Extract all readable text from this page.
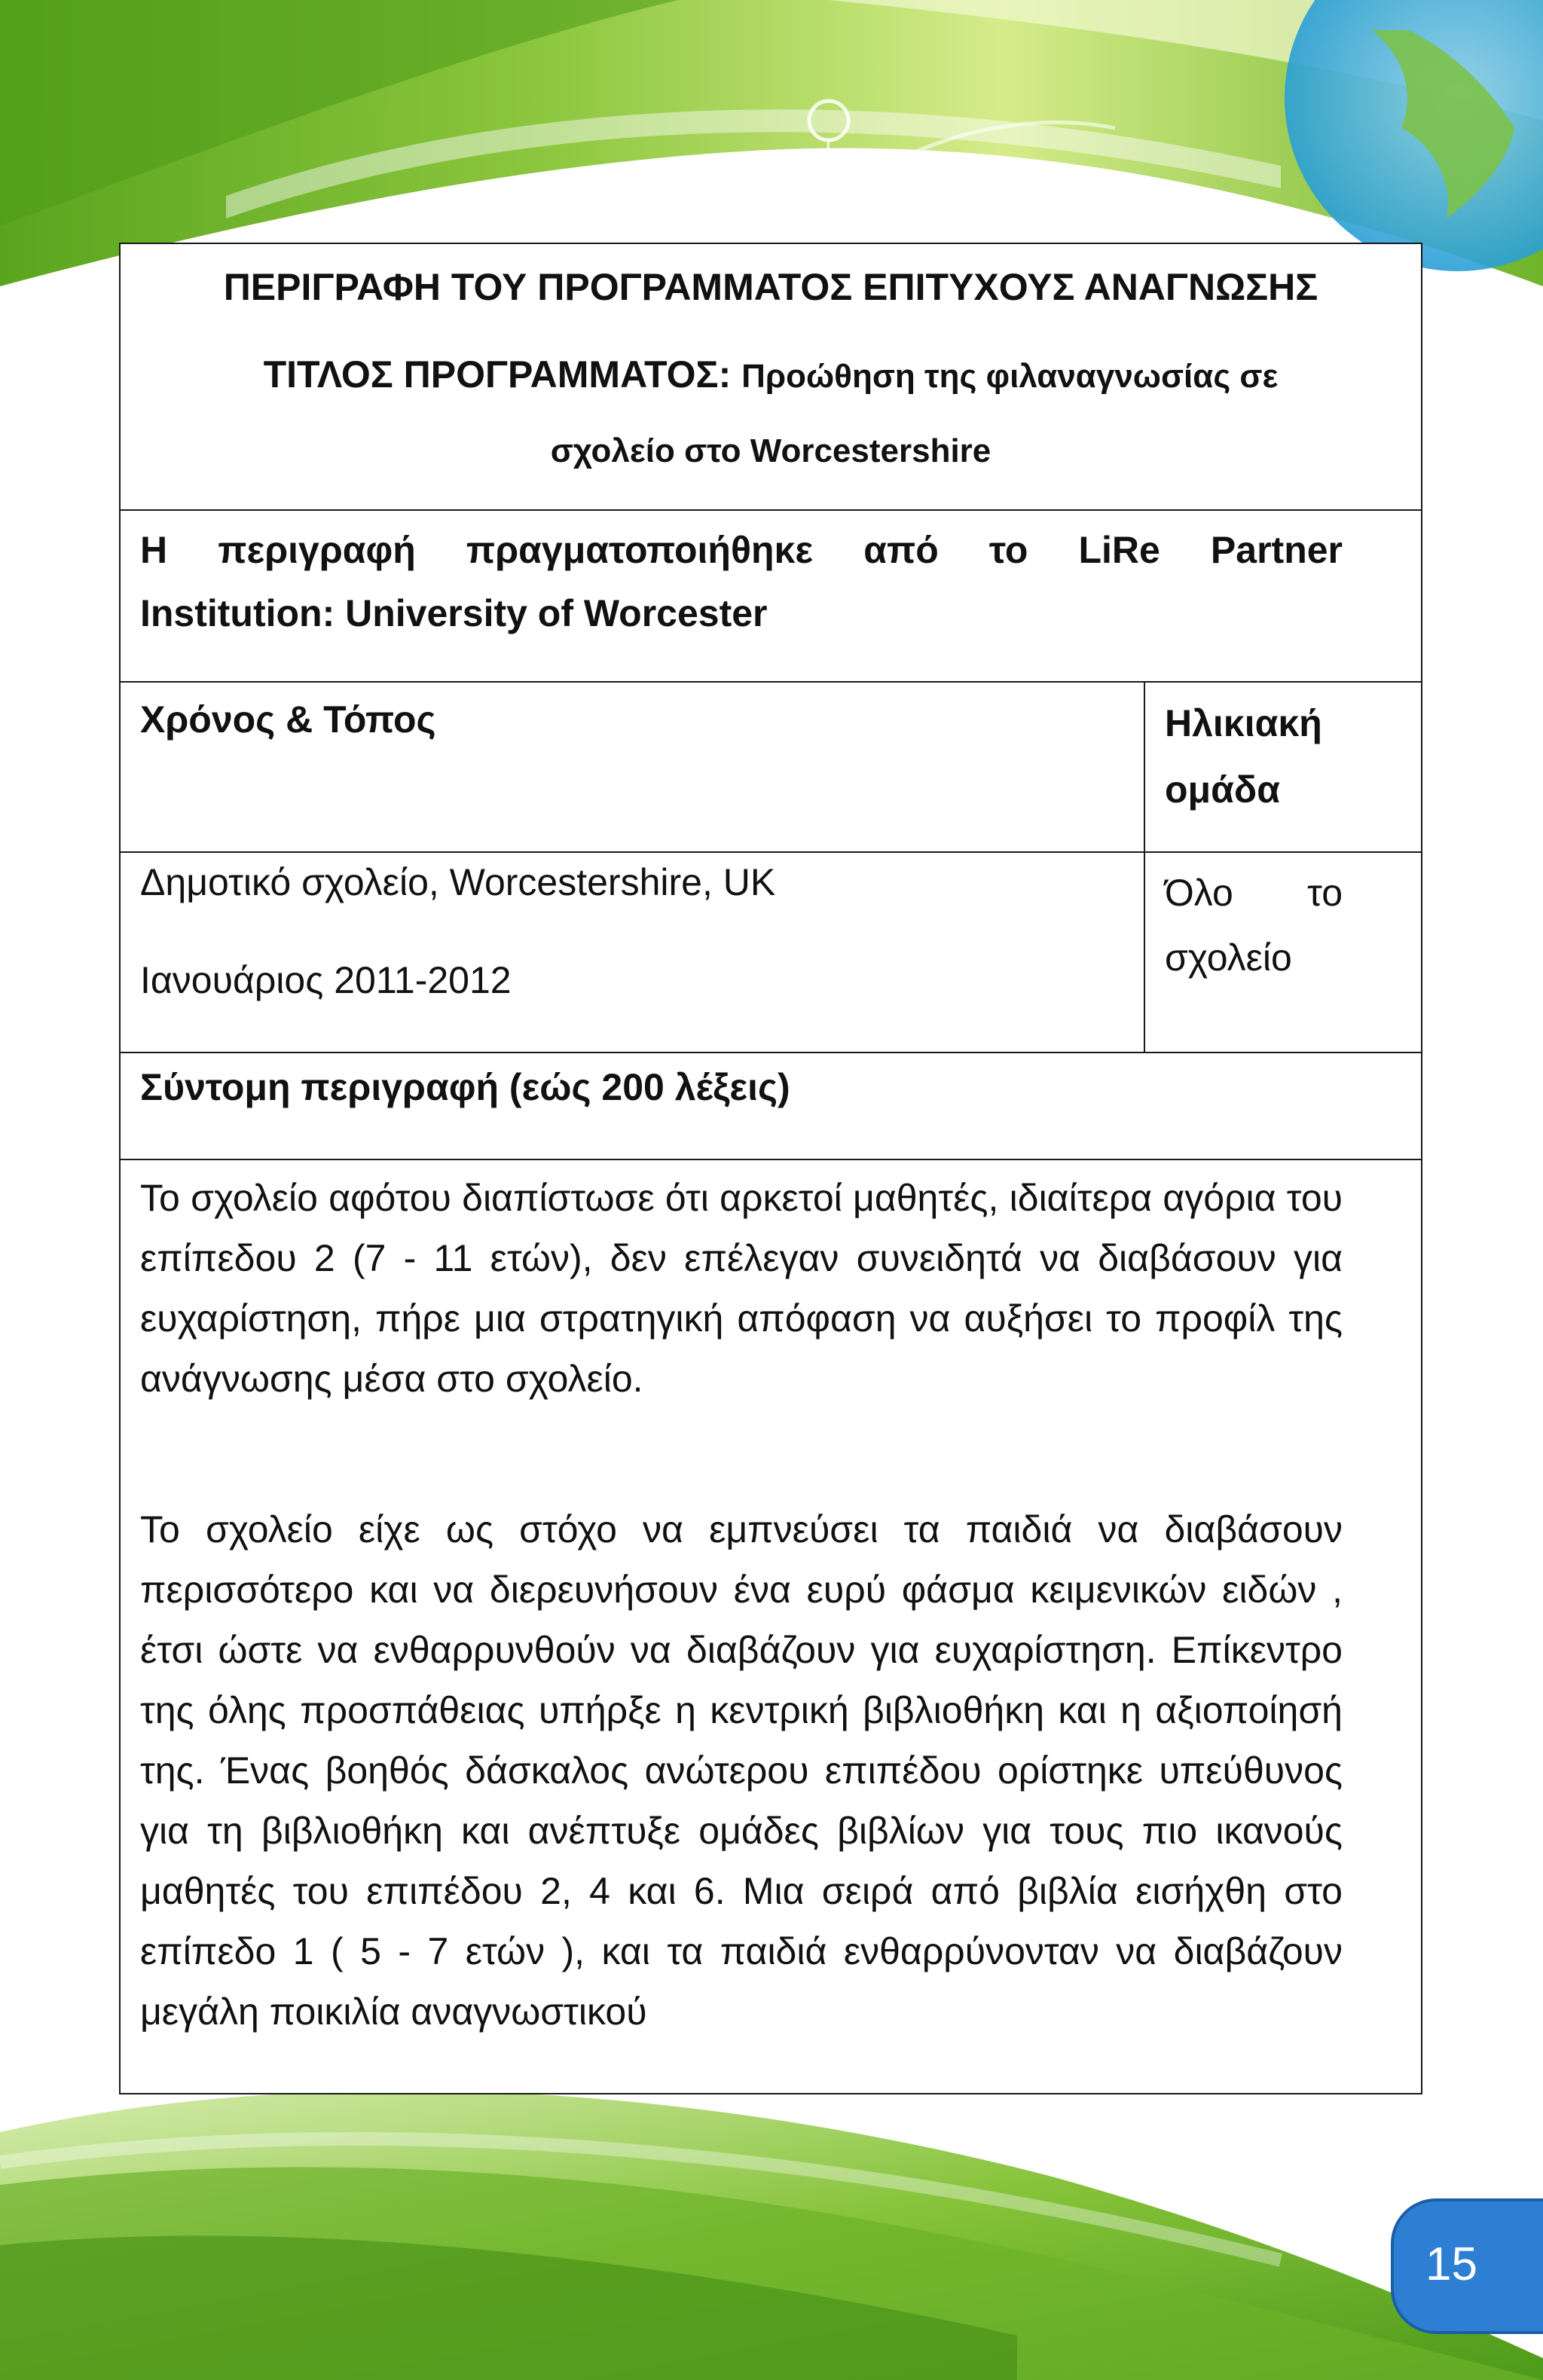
ΠΕΡΙΓΡΑΦΗ ΤΟΥ ΠΡΟΓΡΑΜΜΑΤΟΣ ΕΠΙΤΥΧΟΥΣ ΑΝΑΓΝΩΣΗΣ
ΤΙΤΛΟΣ ΠΡΟΓΡΑΜΜΑΤΟΣ: Προώθηση της φιλαναγνωσίας σε
σχολείο στο Worcestershire
Η περιγραφή πραγματοποιήθηκε από το LiRe Partner
Institution: University of Worcester
Χρόνος & Τόπος	Ηλικιακή
ομάδα
Δημοτικό σχολείο, Worcestershire, UK
Ιανουάριος 2011-2012
Όλο το
σχολείο
Σύντομη περιγραφή (εώς 200 λέξεις)
Το σχολείο αφότου διαπίστωσε ότι αρκετοί μαθητές, ιδιαίτερα αγόρια του επίπεδου 2 (7 - 11 ετών), δεν επέλεγαν συνειδητά να διαβάσουν για ευχαρίστηση, πήρε μια στρατηγική απόφαση να αυξήσει το προφίλ της ανάγνωσης μέσα στο σχολείο.
Το σχολείο είχε ως στόχο να εμπνεύσει τα παιδιά να διαβάσουν περισσότερο και να διερευνήσουν ένα ευρύ φάσμα κειμενικών ειδών , έτσι ώστε να ενθαρρυνθούν να διαβάζουν για ευχαρίστηση. Επίκεντρο της όλης προσπάθειας υπήρξε η κεντρική βιβλιοθήκη και η αξιοποίησή της. Ένας βοηθός δάσκαλος ανώτερου επιπέδου ορίστηκε υπεύθυνος για τη βιβλιοθήκη και ανέπτυξε ομάδες βιβλίων για τους πιο ικανούς μαθητές του επιπέδου 2, 4 και 6. Μια σειρά από βιβλία εισήχθη στο επίπεδο 1 ( 5 - 7 ετών ), και τα παιδιά ενθαρρύνονταν να διαβάζουν μεγάλη ποικιλία αναγνωστικού
15
